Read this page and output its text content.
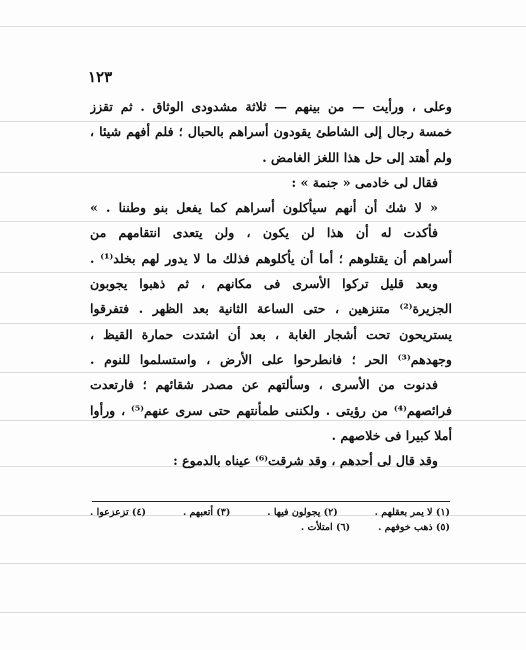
١٢٣
وعلى ، ورأيت — من بينهم — ثلاثة مشدودى الوثاق . ثم تقزز
خمسة رجال إلى الشاطئ يقودون أسراهم بالحبال ؛ فلم أفهم شيئا ،
ولم أهتد إلى حل هذا اللغز الغامض .
فقال لى خادمى « جنمة » :
« لا شك أن أنهم سيأكلون أسراهم كما يفعل بنو وطننا . »
فأكدت له أن هذا لن يكون ، ولن يتعدى انتقامهم من
أسراهم أن يقتلوهم ؛ أما أن يأكلوهم فذلك ما لا يدور لهم بخلد⁽¹⁾ .
وبعد قليل تركوا الأسرى فى مكانهم ، ثم ذهبوا يجوبون
الجزيرة⁽²⁾ متنزهين ، حتى الساعة الثانية بعد الظهر . فتفرقوا
يستريحون تحت أشجار الغابة ، بعد أن اشتدت حمارة القيظ ،
وجهدهم⁽³⁾ الحر ؛ فانطرحوا على الأرض ، واستسلموا للنوم .
فدنوت من الأسرى ، وسألتهم عن مصدر شقائهم ؛ فارتعدت
فرائصهم⁽⁴⁾ من رؤيتى . ولكننى طمأنتهم حتى سرى عنهم⁽⁵⁾ ، ورأوا
أملا كبيرا فى خلاصهم .
وقد قال لى أحدهم ، وقد شرقت⁽⁶⁾ عيناه بالدموع :
(١) لا يمر بعقلهم .
(٢) يجولون فيها .
(٣) أتعبهم .
(٤) تزعزعوا .
(٥) ذهب خوفهم .
(٦) امتلأت .
